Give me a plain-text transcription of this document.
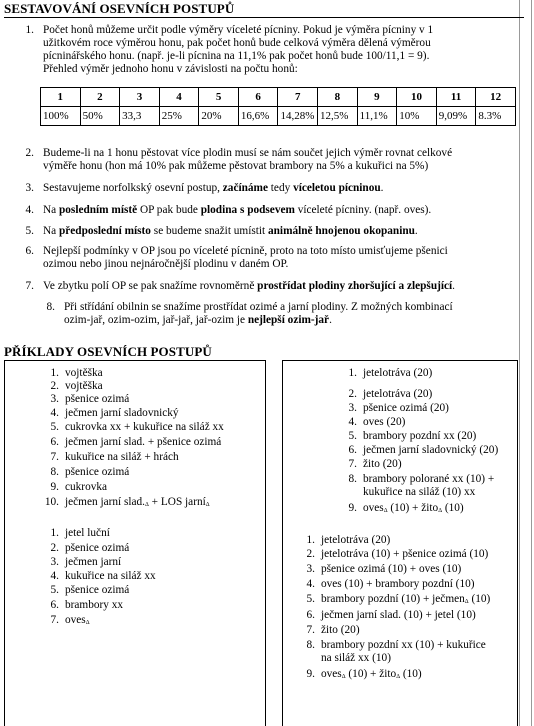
SESTAVOVÁNÍ OSEVNÍCH POSTUPŮ
1. Počet honů můžeme určit podle výměry víceleté pícniny. Pokud je výměra pícniny v 1
užitkovém roce výměrou honu, pak počet honů bude celková výměra dělená výměrou
pícninářského honu. (např. je-li pícnina na 11,1% pak počet honů bude 100/11,1 = 9).
Přehled výměr jednoho honu v závislosti na počtu honů:
1	2	3	4	5	6	7	8	9	10	11	12
100%	50%	33,3	25%	20%	16,6%	14,28%	12,5%	11,1%	10%	9,09%	8.3%
2. Budeme-li na 1 honu pěstovat více plodin musí se nám součet jejich výměr rovnat celkové
výměře honu (hon má 10% pak můžeme pěstovat brambory na 5% a kukuřici na 5%)
3. Sestavujeme norfolkský osevní postup, začínáme tedy víceletou pícninou.
4. Na posledním místě OP pak bude plodina s podsevem víceleté pícniny. (např. oves).
5. Na předposlední místo se budeme snažit umístit animálně hnojenou okopaninu.
6. Nejlepší podmínky v OP jsou po víceleté pícnině, proto na toto místo umisťujeme pšenici
ozimou nebo jinou nejnáročnější plodinu v daném OP.
7. Ve zbytku polí OP se pak snažíme rovnoměrně prostřídat plodiny zhoršující a zlepšující.
8. Při střídání obilnin se snažíme prostřídat ozimé a jarní plodiny. Z možných kombinací
ozim-jař, ozim-ozim, jař-jař, jař-ozim je nejlepší ozim-jař.
PŘÍKLADY OSEVNÍCH POSTUPŮ
1. vojtěška
2. vojtěška
3. pšenice ozimá
4. ječmen jarní sladovnický
5. cukrovka xx + kukuřice na siláž xx
6. ječmen jarní slad. + pšenice ozimá
7. kukuřice na siláž + hrách
8. pšenice ozimá
9. cukrovka
10. ječmen jarní slad.Δ + LOS jarníΔ
1. jetel luční
2. pšenice ozimá
3. ječmen jarní
4. kukuřice na siláž xx
5. pšenice ozimá
6. brambory xx
7. ovesΔ
1. jetelotráva (20)
2. jetelotráva (20)
3. pšenice ozimá (20)
4. oves (20)
5. brambory pozdní xx (20)
6. ječmen jarní sladovnický (20)
7. žito (20)
8. brambory polorané xx (10) +
kukuřice na siláž (10) xx
9. ovesΔ (10) + žitoΔ (10)
1. jetelotráva (20)
2. jetelotráva (10) + pšenice ozimá (10)
3. pšenice ozimá (10) + oves (10)
4. oves (10) + brambory pozdní (10)
5. brambory pozdní (10) + ječmenΔ (10)
6. ječmen jarní slad. (10) + jetel (10)
7. žito (20)
8. brambory pozdní xx (10) + kukuřice
na siláž xx (10)
9. ovesΔ (10) + žitoΔ (10)
